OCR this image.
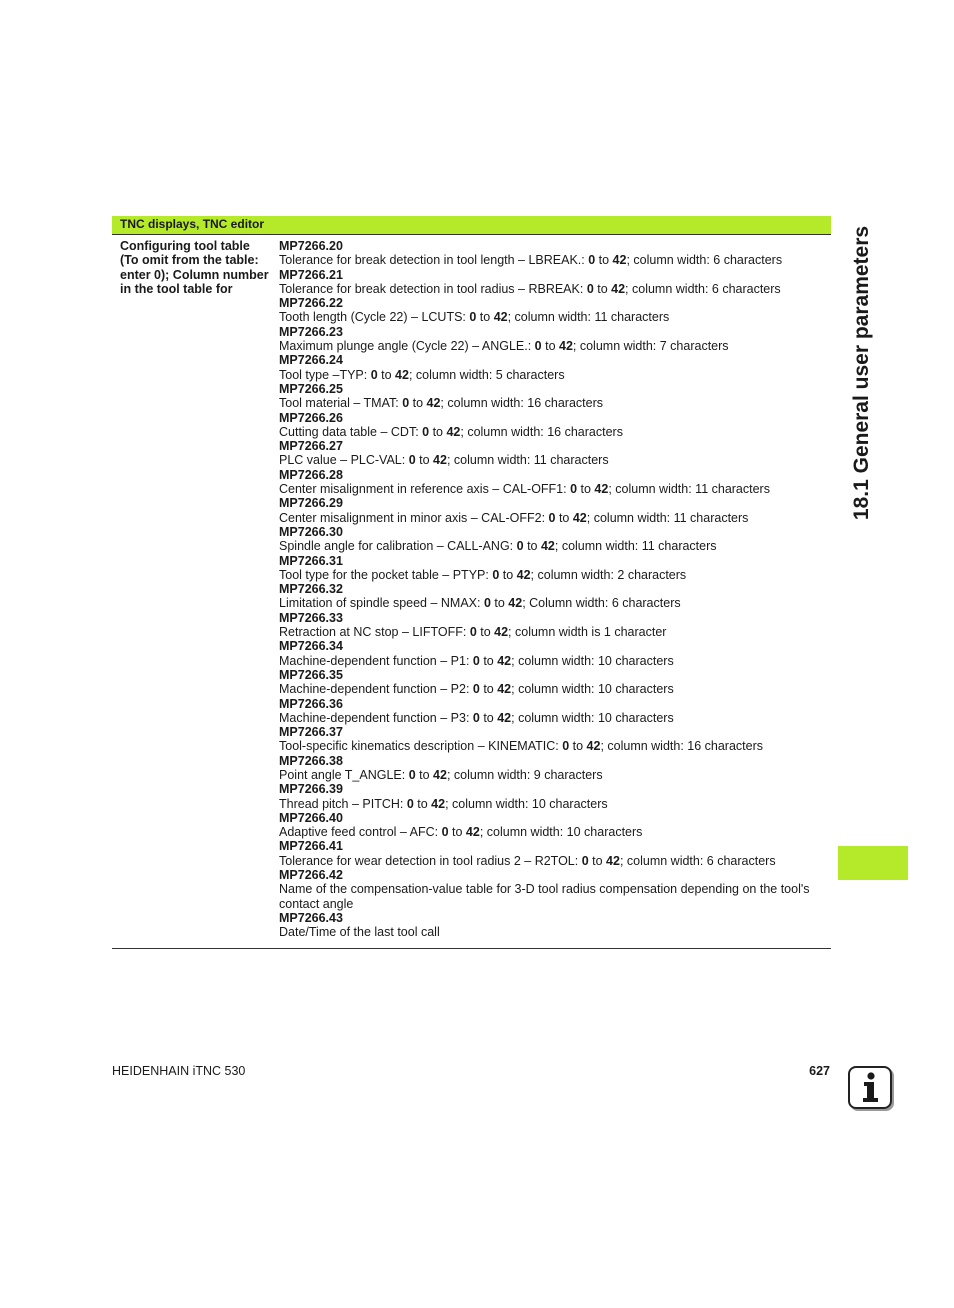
TNC displays, TNC editor
Configuring tool table (To omit from the table: enter 0); Column number in the tool table for
MP7266.20
Tolerance for break detection in tool length – LBREAK.: 0 to 42; column width: 6 characters
MP7266.21
Tolerance for break detection in tool radius – RBREAK: 0 to 42; column width: 6 characters
MP7266.22
Tooth length (Cycle 22) – LCUTS: 0 to 42; column width: 11 characters
MP7266.23
Maximum plunge angle (Cycle 22) – ANGLE.: 0 to 42; column width: 7 characters
MP7266.24
Tool type –TYP: 0 to 42; column width: 5 characters
MP7266.25
Tool material – TMAT: 0 to 42; column width: 16 characters
MP7266.26
Cutting data table – CDT: 0 to 42; column width: 16 characters
MP7266.27
PLC value – PLC-VAL: 0 to 42; column width: 11 characters
MP7266.28
Center misalignment in reference axis – CAL-OFF1: 0 to 42; column width: 11 characters
MP7266.29
Center misalignment in minor axis – CAL-OFF2: 0 to 42; column width: 11 characters
MP7266.30
Spindle angle for calibration – CALL-ANG: 0 to 42; column width: 11 characters
MP7266.31
Tool type for the pocket table – PTYP: 0 to 42; column width: 2 characters
MP7266.32
Limitation of spindle speed – NMAX: 0 to 42; Column width: 6 characters
MP7266.33
Retraction at NC stop – LIFTOFF: 0 to 42; column width is 1 character
MP7266.34
Machine-dependent function – P1: 0 to 42; column width: 10 characters
MP7266.35
Machine-dependent function – P2: 0 to 42; column width: 10 characters
MP7266.36
Machine-dependent function – P3: 0 to 42; column width: 10 characters
MP7266.37
Tool-specific kinematics description – KINEMATIC: 0 to 42; column width: 16 characters
MP7266.38
Point angle T_ANGLE: 0 to 42; column width: 9 characters
MP7266.39
Thread pitch – PITCH: 0 to 42; column width: 10 characters
MP7266.40
Adaptive feed control – AFC: 0 to 42; column width: 10 characters
MP7266.41
Tolerance for wear detection in tool radius 2 – R2TOL: 0 to 42; column width: 6 characters
MP7266.42
Name of the compensation-value table for 3-D tool radius compensation depending on the tool's contact angle
MP7266.43
Date/Time of the last tool call
18.1 General user parameters
HEIDENHAIN iTNC 530	627
